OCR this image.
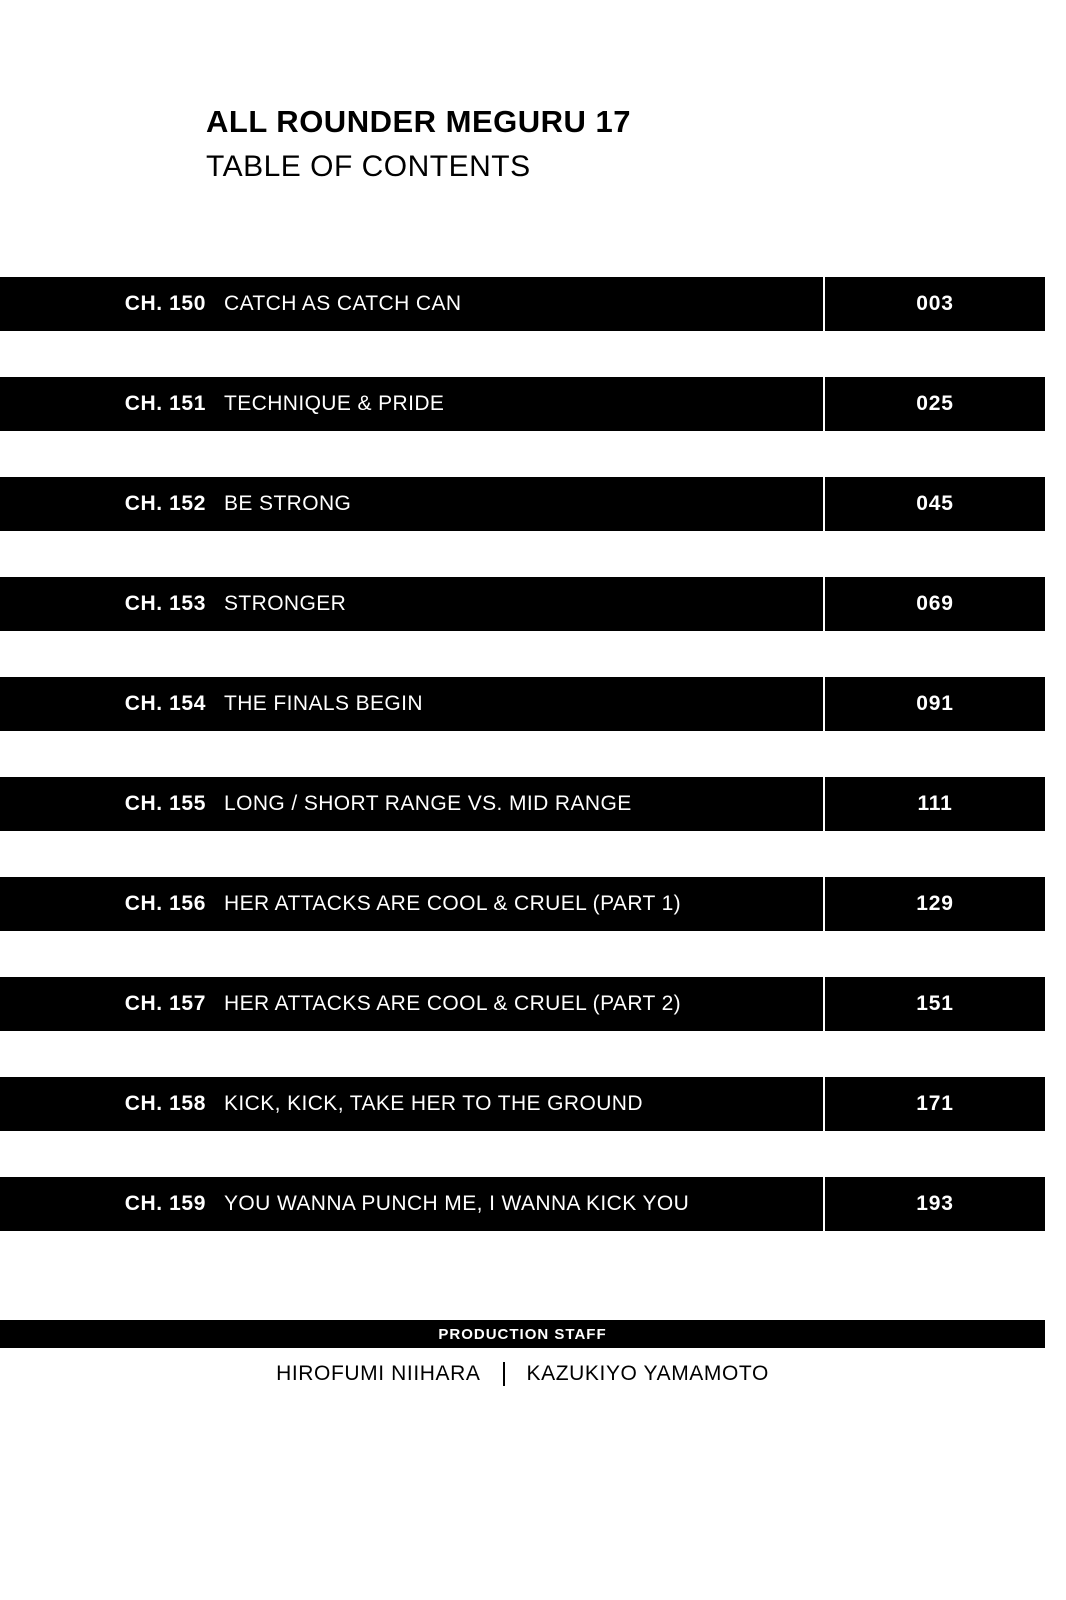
ALL ROUNDER MEGURU 17
TABLE OF CONTENTS
CH. 150 CATCH AS CATCH CAN	003
CH. 151 TECHNIQUE & PRIDE	025
CH. 152 BE STRONG	045
CH. 153 STRONGER	069
CH. 154 THE FINALS BEGIN	091
CH. 155 LONG / SHORT RANGE VS. MID RANGE	111
CH. 156 HER ATTACKS ARE COOL & CRUEL (PART 1)	129
CH. 157 HER ATTACKS ARE COOL & CRUEL (PART 2)	151
CH. 158 KICK, KICK, TAKE HER TO THE GROUND	171
CH. 159 YOU WANNA PUNCH ME, I WANNA KICK YOU	193
PRODUCTION STAFF
HIROFUMI NIIHARA KAZUKIYO YAMAMOTO
